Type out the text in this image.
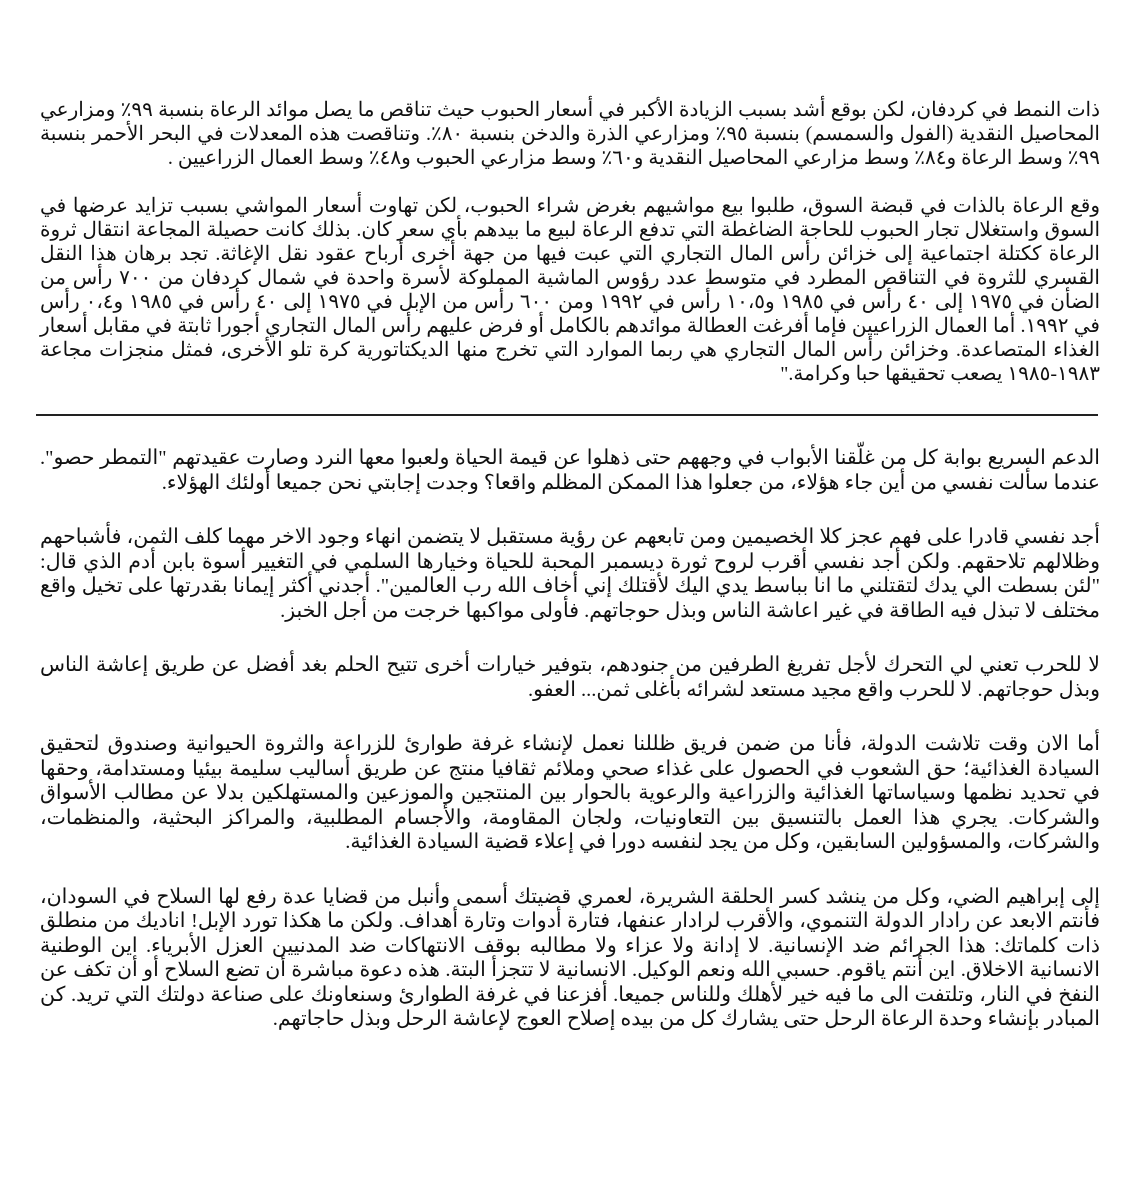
ذات النمط في كردفان، لكن بوقع أشد بسبب الزيادة الأكبر في أسعار الحبوب حيث تناقص ما يصل موائد الرعاة بنسبة ٩٩٪ ومزارعي المحاصيل النقدية (الفول والسمسم) بنسبة ٩٥٪ ومزارعي الذرة والدخن بنسبة ٨٠٪. وتناقصت هذه المعدلات في البحر الأحمر بنسبة ٩٩٪ وسط الرعاة و٨٤٪ وسط مزارعي المحاصيل النقدية و٦٠٪ وسط مزارعي الحبوب و٤٨٪ وسط العمال الزراعيين .

وقع الرعاة بالذات في قبضة السوق، طلبوا بيع مواشيهم بغرض شراء الحبوب، لكن تهاوت أسعار المواشي بسبب تزايد عرضها في السوق واستغلال تجار الحبوب للحاجة الضاغطة التي تدفع الرعاة لبيع ما بيدهم بأي سعر كان. بذلك كانت حصيلة المجاعة انتقال ثروة الرعاة ككتلة اجتماعية إلى خزائن رأس المال التجاري التي عبت فيها من جهة أخرى أرباح عقود نقل الإغاثة. تجد برهان هذا النقل القسري للثروة في التناقص المطرد في متوسط عدد رؤوس الماشية المملوكة لأسرة واحدة في شمال كردفان من ٧٠٠ رأس من الضأن في ١٩٧٥ إلى ٤٠ رأس في ١٩٨٥ و١٠،٥ رأس في ١٩٩٢ ومن ٦٠٠ رأس من الإبل في ١٩٧٥ إلى ٤٠ رأس في ١٩٨٥ و٠،٤ رأس في ١٩٩٢. أما العمال الزراعيين فإما أفرغت العطالة موائدهم بالكامل أو فرض عليهم رأس المال التجاري أجورا ثابتة في مقابل أسعار الغذاء المتصاعدة. وخزائن رأس المال التجاري هي ربما الموارد التي تخرج منها الديكتاتورية كرة تلو الأخرى، فمثل منجزات مجاعة ١٩٨٣-١٩٨٥ يصعب تحقيقها حبا وكرامة."

الدعم السريع بوابة كل من غلّقنا الأبواب في وجههم حتى ذهلوا عن قيمة الحياة ولعبوا معها النرد وصارت عقيدتهم "التمطر حصو". عندما سألت نفسي من أين جاء هؤلاء، من جعلوا هذا الممكن المظلم واقعا؟ وجدت إجابتي نحن جميعا أولئك الهؤلاء.

أجد نفسي قادرا على فهم عجز كلا الخصيمين ومن تابعهم عن رؤية مستقبل لا يتضمن انهاء وجود الاخر مهما كلف الثمن، فأشباحهم وظلالهم تلاحقهم. ولكن أجد نفسي أقرب لروح ثورة ديسمبر المحبة للحياة وخيارها السلمي في التغيير أسوة بابن أدم الذي قال: "لئن بسطت الي يدك لتقتلني ما انا بباسط يدي اليك لأقتلك إني أخاف الله رب العالمين". أجدني أكثر إيمانا بقدرتها على تخيل واقع مختلف لا تبذل فيه الطاقة في غير اعاشة الناس وبذل حوجاتهم. فأولى مواكبها خرجت من أجل الخبز.

لا للحرب تعني لي التحرك لأجل تفريغ الطرفين من جنودهم، بتوفير خيارات أخرى تتيح الحلم بغد أفضل عن طريق إعاشة الناس وبذل حوجاتهم. لا للحرب واقع مجيد مستعد لشرائه بأغلى ثمن... العفو.

أما الان وقت تلاشت الدولة، فأنا من ضمن فريق ظللنا نعمل لإنشاء غرفة طوارئ للزراعة والثروة الحيوانية وصندوق لتحقيق السيادة الغذائية؛ حق الشعوب في الحصول على غذاء صحي وملائم ثقافيا منتج عن طريق أساليب سليمة بيئيا ومستدامة، وحقها في تحديد نظمها وسياساتها الغذائية والزراعية والرعوية بالحوار بين المنتجين والموزعين والمستهلكين بدلا عن مطالب الأسواق والشركات. يجري هذا العمل بالتنسيق بين التعاونيات، ولجان المقاومة، والأجسام المطلبية، والمراكز البحثية، والمنظمات، والشركات، والمسؤولين السابقين، وكل من يجد لنفسه دورا في إعلاء قضية السيادة الغذائية.

إلى إبراهيم الضي، وكل من ينشد كسر الحلقة الشريرة، لعمري قضيتك أسمى وأنبل من قضايا عدة رفع لها السلاح في السودان، فأنتم الابعد عن رادار الدولة التنموي، والأقرب لرادار عنفها، فتارة أدوات وتارة أهداف. ولكن ما هكذا تورد الإبل! اناديك من منطلق ذات كلماتك: هذا الجرائم ضد الإنسانية. لا إدانة ولا عزاء ولا مطالبه بوقف الانتهاكات ضد المدنيين العزل الأبرياء. اين الوطنية الانسانية الاخلاق. اين أنتم ياقوم. حسبي الله ونعم الوكيل. الانسانية لا تتجزأ البتة. هذه دعوة مباشرة أن تضع السلاح أو أن تكف عن النفخ في النار، وتلتفت الى ما فيه خير لأهلك وللناس جميعا. أفزعنا في غرفة الطوارئ وسنعاونك على صناعة دولتك التي تريد. كن المبادر بإنشاء وحدة الرعاة الرحل حتى يشارك كل من بيده إصلاح العوج لإعاشة الرحل وبذل حاجاتهم.
